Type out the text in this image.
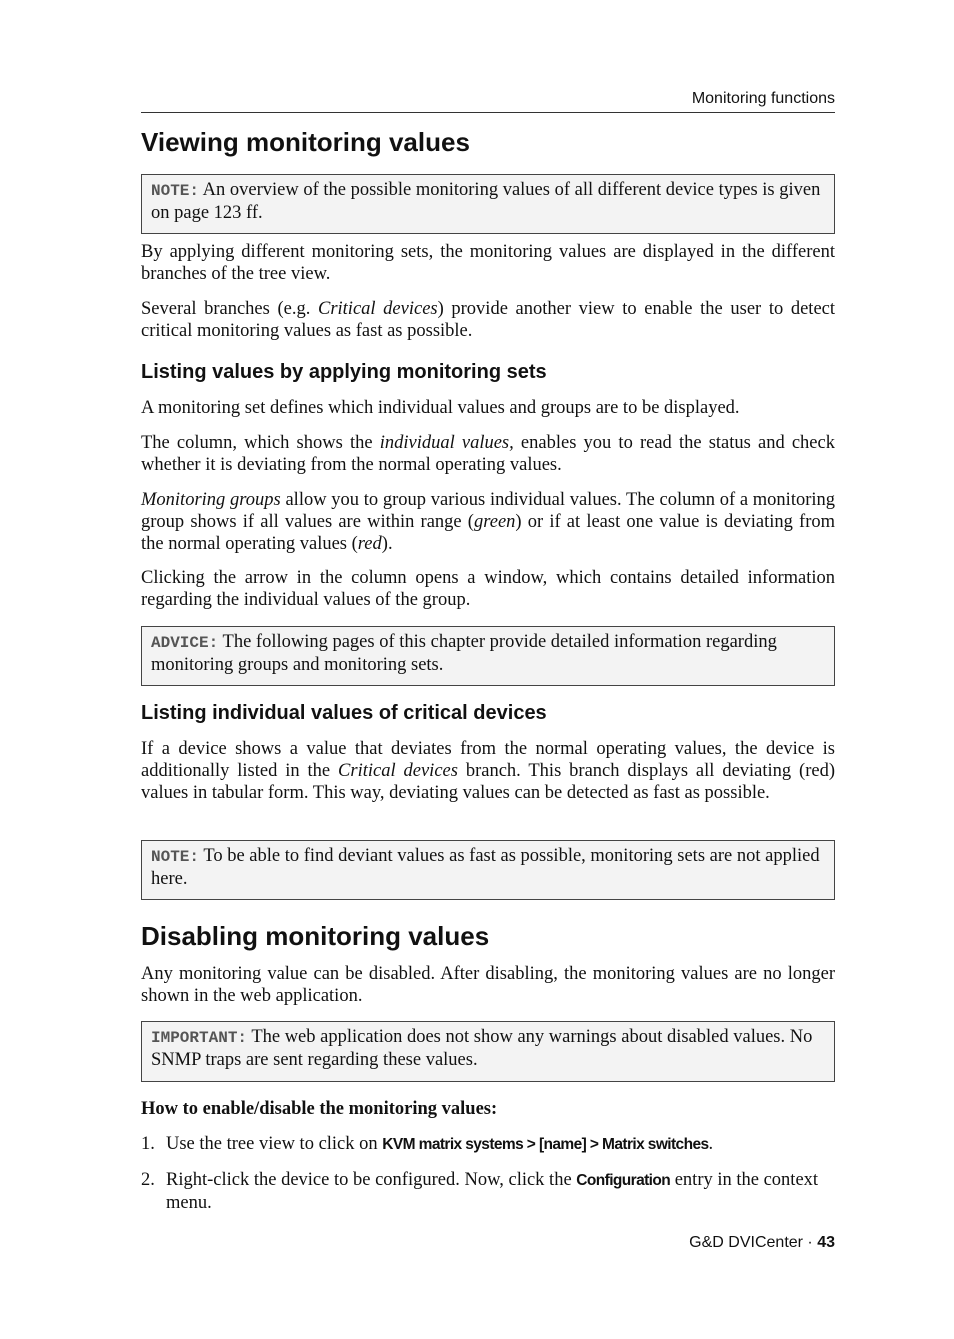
Monitoring functions
Viewing monitoring values
NOTE: An overview of the possible monitoring values of all different device types is given on page 123 ff.

By applying different monitoring sets, the monitoring values are displayed in the different branches of the tree view.

Several branches (e.g. Critical devices) provide another view to enable the user to detect critical monitoring values as fast as possible.

Listing values by applying monitoring sets

A monitoring set defines which individual values and groups are to be displayed.

The column, which shows the individual values, enables you to read the status and check whether it is deviating from the normal operating values.

Monitoring groups allow you to group various individual values. The column of a monitoring group shows if all values are within range (green) or if at least one value is deviating from the normal operating values (red).

Clicking the arrow in the column opens a window, which contains detailed information regarding the individual values of the group.

ADVICE: The following pages of this chapter provide detailed information regarding monitoring groups and monitoring sets.
Listing individual values of critical devices

If a device shows a value that deviates from the normal operating values, the device is additionally listed in the Critical devices branch. This branch displays all deviating (red) values in tabular form. This way, deviating values can be detected as fast as possible.

NOTE: To be able to find deviant values as fast as possible, monitoring sets are not applied here.
Disabling monitoring values

Any monitoring value can be disabled. After disabling, the monitoring values are no longer shown in the web application.

IMPORTANT: The web application does not show any warnings about disabled values. No SNMP traps are sent regarding these values.
How to enable/disable the monitoring values:
1. Use the tree view to click on KVM matrix systems > [name] > Matrix switches.
2. Right-click the device to be configured. Now, click the Configuration entry in the context menu.
G&D DVICenter · 43
